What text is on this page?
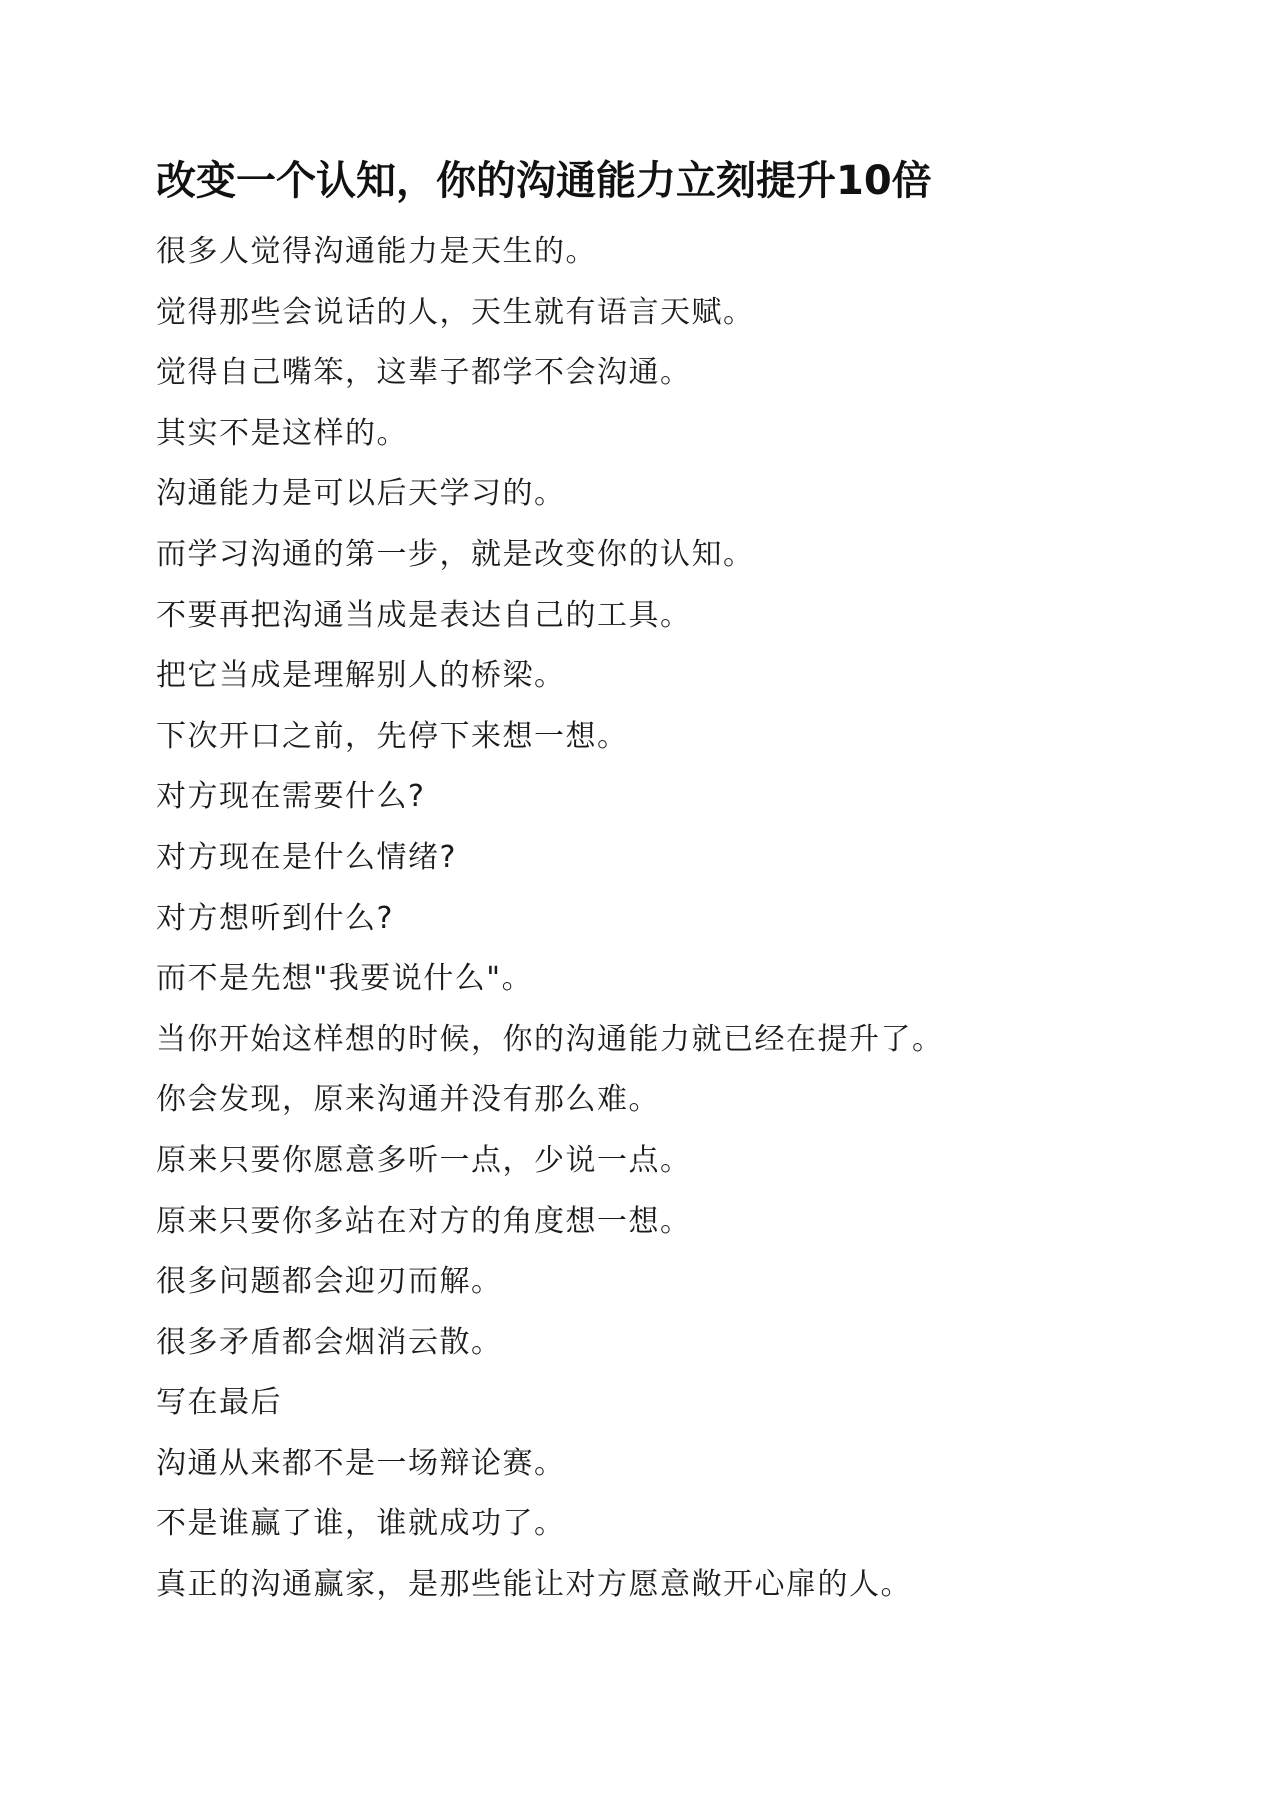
改变一个认知，你的沟通能力立刻提升10倍
很多人觉得沟通能力是天生的。
觉得那些会说话的人，天生就有语言天赋。
觉得自己嘴笨，这辈子都学不会沟通。
其实不是这样的。
沟通能力是可以后天学习的。
而学习沟通的第一步，就是改变你的认知。
不要再把沟通当成是表达自己的工具。
把它当成是理解别人的桥梁。
下次开口之前，先停下来想一想。
对方现在需要什么?
对方现在是什么情绪?
对方想听到什么?
而不是先想"我要说什么"。
当你开始这样想的时候，你的沟通能力就已经在提升了。
你会发现，原来沟通并没有那么难。
原来只要你愿意多听一点，少说一点。
原来只要你多站在对方的角度想一想。
很多问题都会迎刃而解。
很多矛盾都会烟消云散。
写在最后
沟通从来都不是一场辩论赛。
不是谁赢了谁，谁就成功了。
真正的沟通赢家，是那些能让对方愿意敞开心扉的人。
